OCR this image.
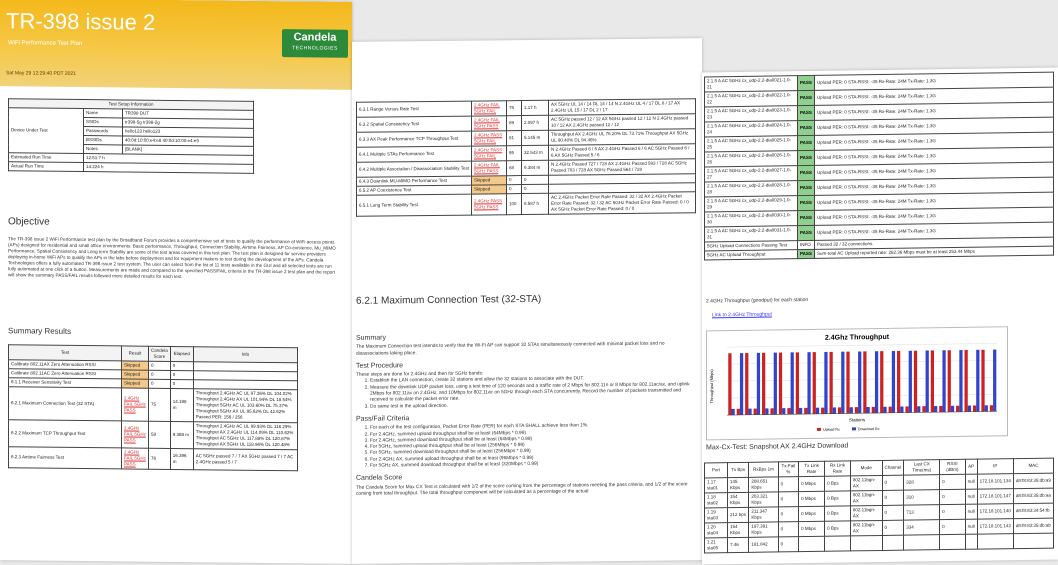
TR-398 issue 2
WiFi Performance Test Plan
Sat May 29 12:29:40 PDT 2021
Candela
TECHNOLOGIES
Test Setup Information		
Device Under Test	Name	TR398 DUT
	SSIDs	tr398-5g tr398-2g
	Passwords	hello123 hello123
	BSSIDs	40:0d:10:00:e4:e8 40:0d:10:00:e4:e9
	Notes	[BLANK]
Estimated Run Time	12:51:7 h	
Actual Run Time	14:224 h	
Objective
The TR-398 issue 2 WiFi Performance test plan by the Broadband Forum provides a comprehensive set of tests to qualify the performance of WiFi access points (APs) designed for residential and small office environments. Basic performance, Throughput, Connection Stability, Airtime Fairness, AP Co-existence, Mu_MIMO Performance, Spatial Consistency and Long term Stability are some of the test areas covered in this test plan. The test plan is designed for service providers deploying in-home WiFi APs to qualify the APs in the labs before deployment and for equipment makers to test during the development of the APs. Candela Technologies offers a fully automated TR-398 issue 2 test system. The user can select from the list of 11 tests available in the GUI and all selected tests are run fully automated at one click of a button. Measurements are made and compared to the specified PASS/FAIL criteria in the TR-398 issue 2 test plan and the report will show the summary PASS/FAIL results followed more detailed results for each test.
Summary Results
Test	Result	Candela Score	Elapsed	Info
Calibrate 802.11AX Zero Attenuation RSSI	Skipped	0	0	
Calibrate 802.11AC Zero Attenuation RSSI	Skipped	0	0	
6.1.1 Receiver Sensitivity Test	Skipped	0	0	
6.2.1 Maximum Connection Test (32 STA)	2.4GHz FAIL 5GHz PASS	75	14.198 m	Throughput 2.4GHz AC UL 97.36% DL 104.02% Throughput 2.4GHz AX UL 101.94% DL 18.54% Throughput 5GHz AC UL 103.60% DL 75.37% Throughput 5GHz AX UL 95.62% DL 42.62% Passed PER: 156 / 256
6.2.2 Maximum TCP Throughput Test	2.4GHz FAIL 5GHz PASS	58	9.368 m	Throughput 2.4GHz AC UL 99.93% DL 116.29% Throughput AX 2.4GHz UL 114.09% DL 110.62% Throughput AC 5GHz UL 117.88% DL 120.87% Throughput AX 5GHz UL 118.96% DL 120.48%
6.2.3 Airtime Fairness Test	2.4GHz FAIL 5GHz PASS	76	16.396 m	AC 5GHz passed 7 / 7 AX 5GHz passed 7 / 7 AC 2.4GHz passed 5 / 7
6.3.1 Range Versus Rate Test	2.4GHz FAIL 5GHz FAIL	75	1.17 h	AX 5GHz UL 14 / 14 DL 14 / 14 N 2.4GHz UL 4 / 17 DL 8 / 17 AX 2.4GHz UL 15 / 17 DL 2 / 17
6.3.2 Spatial Consistency Test	2.4GHz FAIL 5GHz PASS	89	2.097 h	AC 5GHz passed 12 / 12 AX 5GHz passed 12 / 12 N 2.4GHz passed 10 / 12 AX 2.4GHz passed 12 / 12
6.3.3 AX Peak Performance TCP Throughput Test	2.4GHz PASS 5GHz FAIL	81	5.145 m	Throughput AX 2.4GHz UL 76.20% DL 73.71% Throughput AX 5GHz UL 90.40% DL 94.46%
6.4.1 Multiple STAs Performance Test	2.4GHz PASS 5GHz FAIL	95	32.543 m	N 2.4GHz Passed 6 / 6 AX 2.4GHz Passed 6 / 6 AC 5GHz Passed 6 / 6 AX 5GHz Passed 5 / 6
6.4.2 Multiple Association / Disassociation Stability Test	2.4GHz FAIL 5GHz PASS	88	9.384 m	N 2.4GHz Passed 727 / 728 AX 2.4GHz Passed 593 / 728 AC 5GHz Passed 703 / 728 AX 5GHz Passed 564 / 728
6.4.3 Downlink MU-MIMO Performance Test	Skipped	0	0	
6.5.2 AP Coexistence Test	Skipped	0	0	
6.5.1 Long Term Stability Test	2.4GHz PASS 5GHz PASS	100	8.587 h	AC 2.4GHz Packet Error Rate Passed: 32 / 32 AX 2.4GHz Packet Error Rate Passed: 32 / 32 AC 5GHz Packet Error Rate Passed: 0 / 0 AX 5GHz Packet Error Rate Passed: 0 / 0
6.2.1 Maximum Connection Test (32-STA)
Summary
The Maximum Connection test intends to verify that the Wi-Fi AP can support 32 STAs simultaneously connected with minimal packet loss and no disassociations taking place.
Test Procedure
These steps are done for 2.4GHz and then for 5GHz bands:
1. Establish the LAN connection, create 32 stations and allow the 32 stations to associate with the DUT.
2. Measure the downlink UDP packet loss, using a test time of 120 seconds and a traffic rate of 2 Mbps for 802.11n or 8 Mbps for 802.11ac/ax, and uplink 2Mbps for 802.11ax on 2.4GHz, and 10Mbps for 802.11ac on 5GHz through each STA concurrently. Record the number of packets transmitted and received to calculate the packet error rate.
3. Do same test in the upload direction.
Pass/Fail Criteria
1. For each of the test configuration, Packet Error Rate (PER) for each STA SHALL achieve less than 1%.
2. For 2.4GHz, summed upload throughput shall be at least (64Mbps * 0.99)
3. For 2.4GHz, summed download throughput shall be at least (64Mbps * 0.99)
4. For 5GHz, summed upload throughput shall be at least (256Mbps * 0.99)
5. For 5GHz, summed download throughput shall be at least (256Mbps * 0.99)
6. For 2.4GHz AX, summed upload throughput shall be at least (96Mbps * 0.99)
7. For 5GHz AX, summed download throughput shall be at least (320Mbps * 0.99)
Candela Score
The Candela Score for Max CX Test is calculated with 1/2 of the score coming from the percentage of stations meeting the pass criteria, and 1/2 of the score coming from total throughput. The total throughput component will be calculated as a percentage of the actual
2.1.5 A AC 5GHz cx_udp-2.2-dia0021-1.0-21	PASS	Upload PER: 0 STA-RSSI: -35 Rx-Rate: 24M Tx-Rate: 1.3G
2.1.5 A AC 5GHz cx_udp-2.2-dia0022-1.0-22	PASS	Upload PER: 0 STA-RSSI: -35 Rx-Rate: 24M Tx-Rate: 1.3G
2.1.5 A AC 5GHz cx_udp-2.2-dia0023-1.0-23	PASS	Upload PER: 0 STA-RSSI: -35 Rx-Rate: 24M Tx-Rate: 1.3G
2.1.5 A AC 5GHz cx_udp-2.2-dia0024-1.0-24	PASS	Upload PER: 0 STA-RSSI: -35 Rx-Rate: 24M Tx-Rate: 1.3G
2.1.5 A AC 5GHz cx_udp-2.2-dia0025-1.0-25	PASS	Upload PER: 0 STA-RSSI: -35 Rx-Rate: 24M Tx-Rate: 1.3G
2.1.5 A AC 5GHz cx_udp-2.2-dia0026-1.0-26	PASS	Upload PER: 0 STA-RSSI: -35 Rx-Rate: 24M Tx-Rate: 1.3G
2.1.5 A AC 5GHz cx_udp-2.2-dia0027-1.0-27	PASS	Upload PER: 0 STA-RSSI: -35 Rx-Rate: 24M Tx-Rate: 1.3G
2.1.5 A AC 5GHz cx_udp-2.2-dia0028-1.0-28	PASS	Upload PER: 0 STA-RSSI: -35 Rx-Rate: 24M Tx-Rate: 1.3G
2.1.5 A AC 5GHz cx_udp-2.2-dia0029-1.0-29	PASS	Upload PER: 0 STA-RSSI: -35 Rx-Rate: 24M Tx-Rate: 1.3G
2.1.5 A AC 5GHz cx_udp-2.2-dia0030-1.0-30	PASS	Upload PER: 0 STA-RSSI: -35 Rx-Rate: 24M Tx-Rate: 1.3G
2.1.5 A AC 5GHz cx_udp-2.2-dia0031-1.0-31	PASS	Upload PER: 0 STA-RSSI: -35 Rx-Rate: 24M Tx-Rate: 1.3G
5GHz Upload Connections Passing Test	INFO	Passed 32 / 32 connections.
5GHz AC Upload Throughput	PASS	Sum-total AC Upload reported rate: 262.36 Mbps must be at least 253.44 Mbps
2.4GHz Throughput (goodput) for each station
Link to 2.4GHz Throughput
2.4Ghz Throughput
Throughput (Mbps)
Stations
Upload Rx	Download Rx
Max-Cx-Test: Snapshot AX 2.4GHz Download
Port	Tx Bps	RxBps 1m	Tx-Fail %	Tx Link Rate	Rx Link Rate	Mode	Channel	Last CX Time(ms)	RSSI (dBm)	AP	IP	MAC
1.17 sta01	145 Kbps	208.651 Kbps	0	0 Mbps	0 Bps	802.11bgn-AX	0	328	0	null	172.18.101.134	d8:f8:83:35:db:a9
1.18 sta02	154 Kbps	203.321 Kbps	0	0 Mbps	0 Bps	802.11bgn-AX	0	310	0	null	172.18.101.147	d8:f8:83:35:db:aa
1.19 sta03	212 bps	211.347 Kbps	0	0 Mbps	0 Bps	802.11bgn-AX	0	713	0	null	172.18.101.140	d8:f8:83:34:54:fb
1.20 sta04	154 Kbps	197.391 Kbps	0	0 Mbps	0 Bps	802.11bgn-AX	0	334	0	null	172.18.101.143	d8:f8:83:35:db:ab
1.21 sta05	7.46	181.842	0									
